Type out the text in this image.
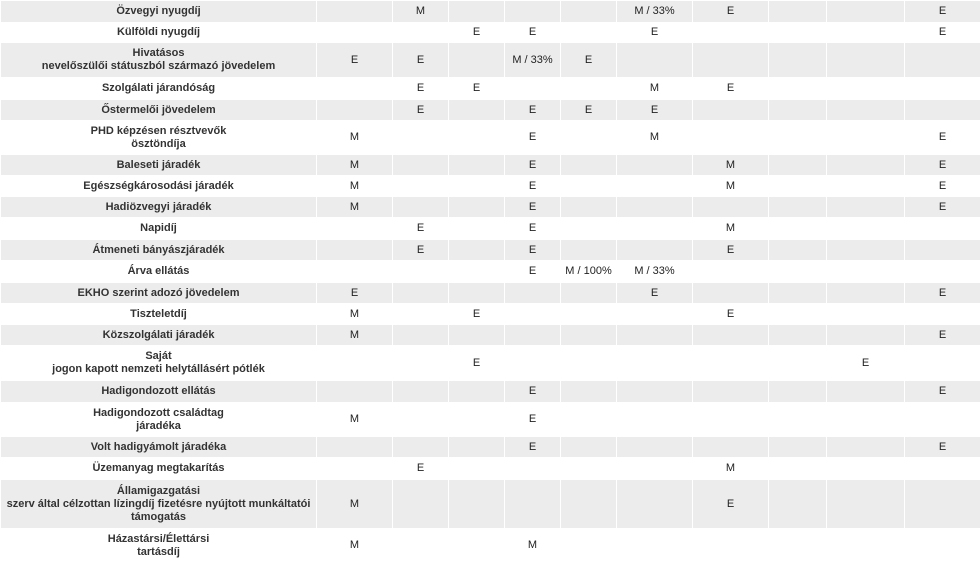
Özvegyi nyugdíj		M				M / 33%	E			E

Külföldi nyugdíj			E	E		E				E

Hivatásos
nevelőszülői státuszból származó jövedelem	E	E		M / 33%	E					

Szolgálati járandóság		E	E			M	E			

Őstermelői jövedelem		E		E	E	E				

PHD képzésen résztvevők
ösztöndíja	M			E		M				E

Baleseti járadék	M			E			M			E

Egészségkárosodási járadék	M			E			M			E

Hadiözvegyi járadék	M			E						E

Napidíj		E		E			M			

Átmeneti bányászjáradék		E		E			E			

Árva ellátás				E	M / 100%	M / 33%				

EKHO szerint adozó jövedelem	E					E				E

Tiszteletdíj	M		E				E			

Közszolgálati járadék	M									E

Saját
jogon kapott nemzeti helytállásért pótlék			E						E	

Hadigondozott ellátás				E						E

Hadigondozott családtag
járadéka	M			E						

Volt hadigyámolt járadéka				E						E

Üzemanyag megtakarítás		E					M			

Államigazgatási
szerv által célzottan lízingdíj fizetésre nyújtott munkáltatói
támogatás	M						E			

Házastársi/Élettársi
tartásdíj	M			M						
